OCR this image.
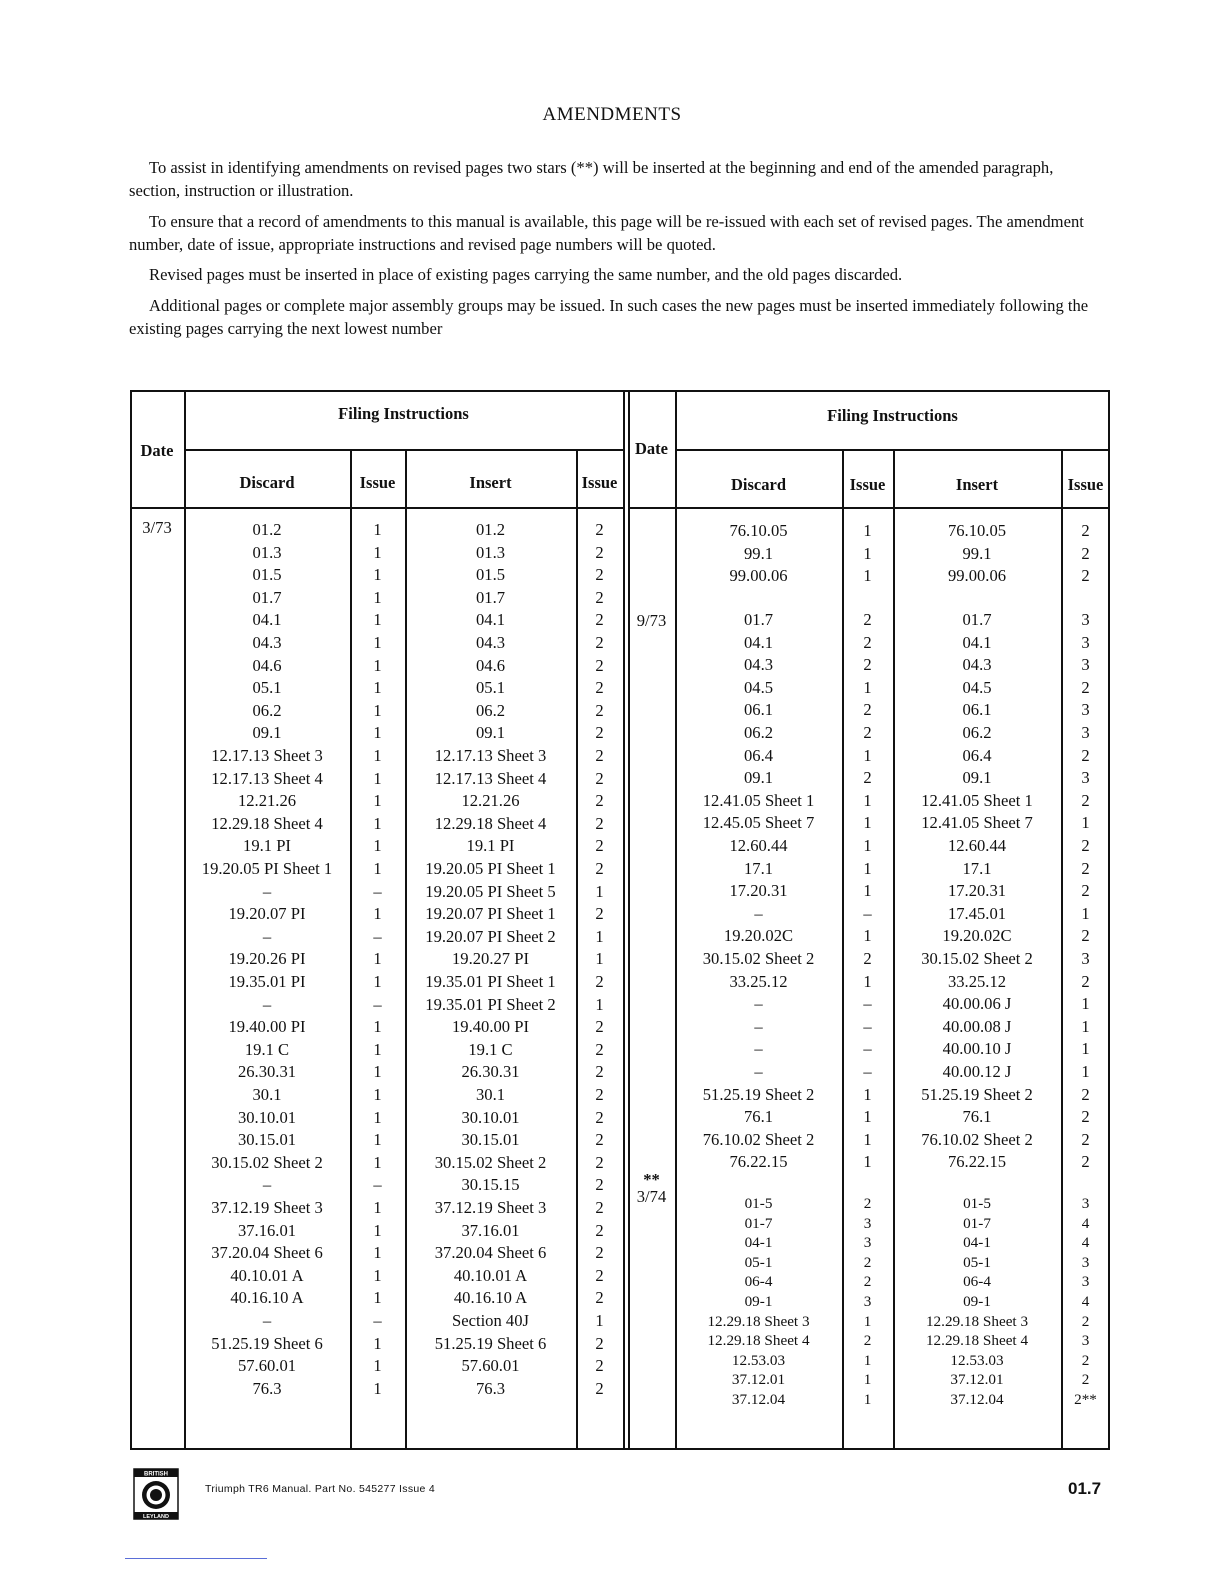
AMENDMENTS
To assist in identifying amendments on revised pages two stars (**) will be inserted at the beginning and end of the amended paragraph, section, instruction or illustration.
To ensure that a record of amendments to this manual is available, this page will be re-issued with each set of revised pages. The amendment number, date of issue, appropriate instructions and revised page numbers will be quoted.
Revised pages must be inserted in place of existing pages carrying the same number, and the old pages discarded.
Additional pages or complete major assembly groups may be issued. In such cases the new pages must be inserted immediately following the existing pages carrying the next lowest number
Date
Filing Instructions
Discard	Issue	Insert	Issue
Date
Filing Instructions
Discard	Issue	Insert	Issue
3/73	01.2	1	01.2	2
01.3	1	01.3	2
01.5	1	01.5	2
01.7	1	01.7	2
04.1	1	04.1	2
04.3	1	04.3	2
04.6	1	04.6	2
05.1	1	05.1	2
06.2	1	06.2	2
09.1	1	09.1	2
12.17.13 Sheet 3	1	12.17.13 Sheet 3	2
12.17.13 Sheet 4	1	12.17.13 Sheet 4	2
12.21.26	1	12.21.26	2
12.29.18 Sheet 4	1	12.29.18 Sheet 4	2
19.1 PI	1	19.1 PI	2
19.20.05 PI Sheet 1	1	19.20.05 PI Sheet 1	2
–	–	19.20.05 PI Sheet 5	1
19.20.07 PI	1	19.20.07 PI Sheet 1	2
–	–	19.20.07 PI Sheet 2	1
19.20.26 PI	1	19.20.27 PI	1
19.35.01 PI	1	19.35.01 PI Sheet 1	2
–	–	19.35.01 PI Sheet 2	1
19.40.00 PI	1	19.40.00 PI	2
19.1 C	1	19.1 C	2
26.30.31	1	26.30.31	2
30.1	1	30.1	2
30.10.01	1	30.10.01	2
30.15.01	1	30.15.01	2
30.15.02 Sheet 2	1	30.15.02 Sheet 2	2
–	–	30.15.15	2
37.12.19 Sheet 3	1	37.12.19 Sheet 3	2
37.16.01	1	37.16.01	2
37.20.04 Sheet 6	1	37.20.04 Sheet 6	2
40.10.01 A	1	40.10.01 A	2
40.16.10 A	1	40.16.10 A	2
–	–	Section 40J	1
51.25.19 Sheet 6	1	51.25.19 Sheet 6	2
57.60.01	1	57.60.01	2
76.3	1	76.3	2
76.10.05	1	76.10.05	2
99.1	1	99.1	2
99.00.06	1	99.00.06	2
9/73	01.7	2	01.7	3
04.1	2	04.1	3
04.3	2	04.3	3
04.5	1	04.5	2
06.1	2	06.1	3
06.2	2	06.2	3
06.4	1	06.4	2
09.1	2	09.1	3
12.41.05 Sheet 1	1	12.41.05 Sheet 1	2
12.45.05 Sheet 7	1	12.41.05 Sheet 7	1
12.60.44	1	12.60.44	2
17.1	1	17.1	2
17.20.31	1	17.20.31	2
–	–	17.45.01	1
19.20.02C	1	19.20.02C	2
30.15.02 Sheet 2	2	30.15.02 Sheet 2	3
33.25.12	1	33.25.12	2
–	–	40.00.06 J	1
–	–	40.00.08 J	1
–	–	40.00.10 J	1
–	–	40.00.12 J	1
51.25.19 Sheet 2	1	51.25.19 Sheet 2	2
76.1	1	76.1	2
76.10.02 Sheet 2	1	76.10.02 Sheet 2	2
76.22.15	1	76.22.15	2
**
3/74	01-5	2	01-5	3
01-7	3	01-7	4
04-1	3	04-1	4
05-1	2	05-1	3
06-4	2	06-4	3
09-1	3	09-1	4
12.29.18 Sheet 3	1	12.29.18 Sheet 3	2
12.29.18 Sheet 4	2	12.29.18 Sheet 4	3
12.53.03	1	12.53.03	2
37.12.01	1	37.12.01	2
37.12.04	1	37.12.04	2**
BRITISH
LEYLAND
Triumph TR6 Manual. Part No. 545277 Issue 4	01.7
